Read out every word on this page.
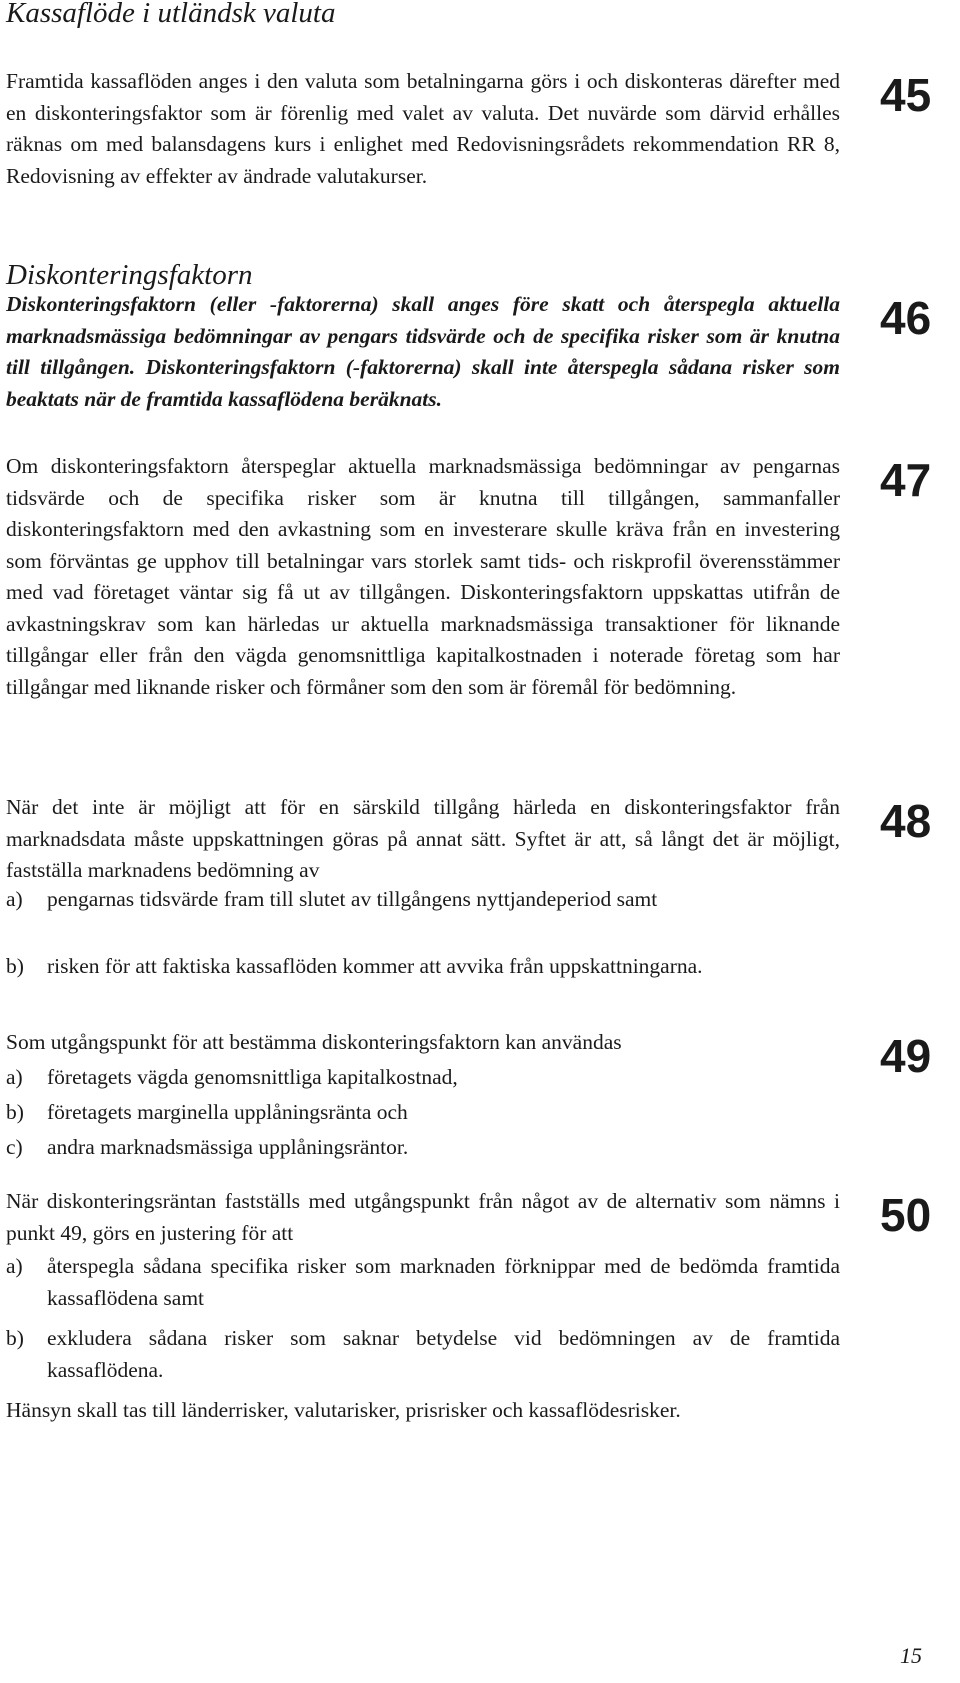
Kassaflöde i utländsk valuta

Framtida kassaflöden anges i den valuta som betalningarna görs i och diskonteras därefter med en diskonteringsfaktor som är förenlig med valet av valuta. Det nuvärde som därvid erhålles räknas om med balansdagens kurs i enlighet med Redovisningsrådets rekommendation RR 8, Redovisning av effekter av ändrade valutakurser.

45
Diskonteringsfaktorn

Diskonteringsfaktorn (eller -faktorerna) skall anges före skatt och återspegla aktuella marknadsmässiga bedömningar av pengars tidsvärde och de specifika risker som är knutna till tillgången. Diskonteringsfaktorn (-faktorerna) skall inte återspegla sådana risker som beaktats när de framtida kassaflödena beräknats.

46

Om diskonteringsfaktorn återspeglar aktuella marknadsmässiga bedömningar av pengarnas tidsvärde och de specifika risker som är knutna till tillgången, sammanfaller diskonteringsfaktorn med den avkastning som en investerare skulle kräva från en investering som förväntas ge upphov till betalningar vars storlek samt tids- och riskprofil överensstämmer med vad företaget väntar sig få ut av tillgången. Diskonteringsfaktorn uppskattas utifrån de avkastningskrav som kan härledas ur aktuella marknadsmässiga transaktioner för liknande tillgångar eller från den vägda genomsnittliga kapitalkostnaden i noterade företag som har tillgångar med liknande risker och förmåner som den som är föremål för bedömning.

47

När det inte är möjligt att för en särskild tillgång härleda en diskonteringsfaktor från marknadsdata måste uppskattningen göras på annat sätt. Syftet är att, så långt det är möjligt, fastställa marknadens bedömning av

48
a) pengarnas tidsvärde fram till slutet av tillgångens nyttjandeperiod samt
b) risken för att faktiska kassaflöden kommer att avvika från uppskattningarna.

Som utgångspunkt för att bestämma diskonteringsfaktorn kan användas	49
a) företagets vägda genomsnittliga kapitalkostnad,
b) företagets marginella upplåningsränta och
c) andra marknadsmässiga upplåningsräntor.

När diskonteringsräntan fastställs med utgångspunkt från något av de alternativ som nämns i punkt 49, görs en justering för att	50
a) återspegla sådana specifika risker som marknaden förknippar med de bedömda framtida kassaflödena samt
b) exkludera sådana risker som saknar betydelse vid bedömningen av de framtida kassaflödena.

Hänsyn skall tas till länderrisker, valutarisker, prisrisker och kassaflödesrisker.

15
